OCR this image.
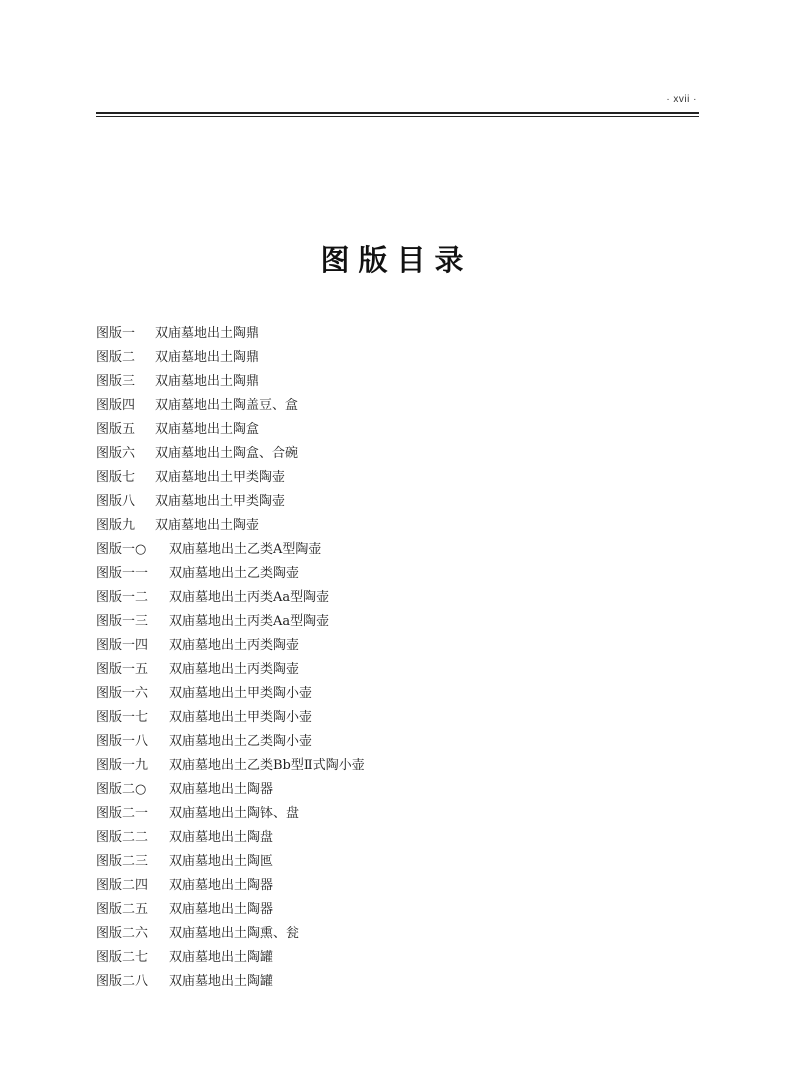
· xvii ·
图版目录
图版一 双庙墓地出土陶鼎
图版二 双庙墓地出土陶鼎
图版三 双庙墓地出土陶鼎
图版四 双庙墓地出土陶盖豆、盒
图版五 双庙墓地出土陶盒
图版六 双庙墓地出土陶盒、合碗
图版七 双庙墓地出土甲类陶壶
图版八 双庙墓地出土甲类陶壶
图版九 双庙墓地出土陶壶
图版一○ 双庙墓地出土乙类A型陶壶
图版一一 双庙墓地出土乙类陶壶
图版一二 双庙墓地出土丙类Aa型陶壶
图版一三 双庙墓地出土丙类Aa型陶壶
图版一四 双庙墓地出土丙类陶壶
图版一五 双庙墓地出土丙类陶壶
图版一六 双庙墓地出土甲类陶小壶
图版一七 双庙墓地出土甲类陶小壶
图版一八 双庙墓地出土乙类陶小壶
图版一九 双庙墓地出土乙类Bb型Ⅱ式陶小壶
图版二○ 双庙墓地出土陶器
图版二一 双庙墓地出土陶钵、盘
图版二二 双庙墓地出土陶盘
图版二三 双庙墓地出土陶匜
图版二四 双庙墓地出土陶器
图版二五 双庙墓地出土陶器
图版二六 双庙墓地出土陶熏、瓮
图版二七 双庙墓地出土陶罐
图版二八 双庙墓地出土陶罐
